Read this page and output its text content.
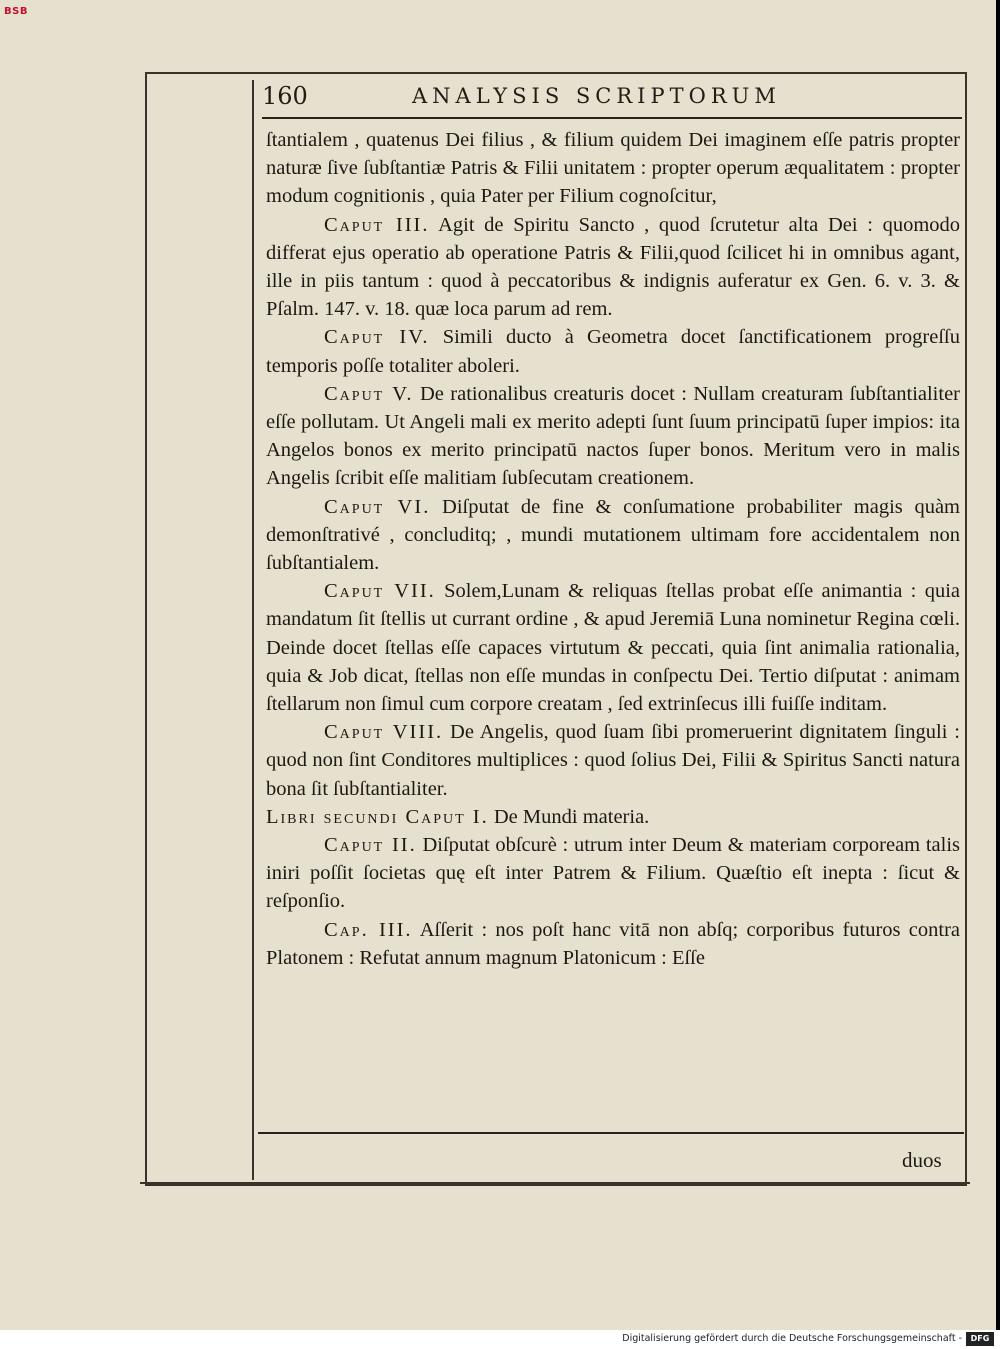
BSB
160	ANALYSIS SCRIPTORUM

ſtantialem , quatenus Dei filius , & filium quidem Dei imaginem eſſe patris propter naturæ ſive ſubſtantiæ Patris & Filii unitatem : propter operum æqualitatem : propter modum cognitionis , quia Pater per Filium cognoſcitur,

Caput III. Agit de Spiritu Sancto , quod ſcrutetur alta Dei : quomodo differat ejus operatio ab operatione Patris & Filii,quod ſcilicet hi in omnibus agant, ille in piis tantum : quod à peccatoribus & indignis auferatur ex Gen. 6. v. 3. & Pſalm. 147. v. 18. quæ loca parum ad rem.

Caput IV. Simili ducto à Geometra docet ſanctificationem progreſſu temporis poſſe totaliter aboleri.

Caput V. De rationalibus creaturis docet : Nullam creaturam ſubſtantialiter eſſe pollutam. Ut Angeli mali ex merito adepti ſunt ſuum principatū ſuper impios: ita Angelos bonos ex merito principatū nactos ſuper bonos. Meritum vero in malis Angelis ſcribit eſſe malitiam ſubſecutam creationem.

Caput VI. Diſputat de fine & conſumatione probabiliter magis quàm demonſtrativé , concluditq; , mundi mutationem ultimam fore accidentalem non ſubſtantialem.

Caput VII. Solem,Lunam & reliquas ſtellas probat eſſe animantia : quia mandatum ſit ſtellis ut currant ordine , & apud Jeremiā Luna nominetur Regina cœli. Deinde docet ſtellas eſſe capaces virtutum & peccati, quia ſint animalia rationalia, quia & Job dicat, ſtellas non eſſe mundas in conſpectu Dei. Tertio diſputat : animam ſtellarum non ſimul cum corpore creatam , ſed extrinſecus illi fuiſſe inditam.

Caput VIII. De Angelis, quod ſuam ſibi promeruerint dignitatem ſinguli : quod non ſint Conditores multiplices : quod ſolius Dei, Filii & Spiritus Sancti natura bona ſit ſubſtantialiter.

Libri secundi Caput I. De Mundi materia.

Caput II. Diſputat obſcurè : utrum inter Deum & materiam corpoream talis iniri poſſit ſocietas quę eſt inter Patrem & Filium. Quæſtio eſt inepta : ſicut & reſponſio.

Cap. III. Aſſerit : nos poſt hanc vitā non abſq; corporibus futuros contra Platonem : Refutat annum magnum Platonicum : Eſſe

duos
Digitalisierung gefördert durch die Deutsche Forschungsgemeinschaft -	DFG
